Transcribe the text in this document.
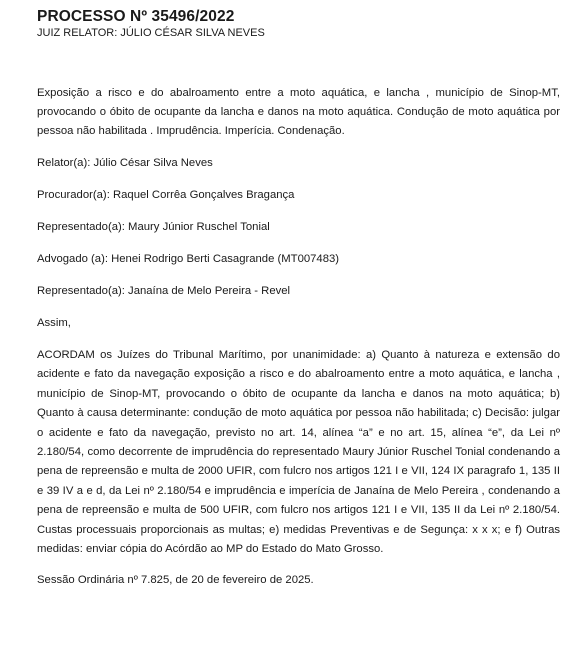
PROCESSO Nº 35496/2022

JUIZ RELATOR: JÚLIO CÉSAR SILVA NEVES

Exposição a risco e do abalroamento entre a moto aquática, e lancha , município de Sinop-MT, provocando o óbito de ocupante da lancha e danos na moto aquática. Condução de moto aquática por pessoa não habilitada . Imprudência. Imperícia. Condenação.

Relator(a): Júlio César Silva Neves

Procurador(a): Raquel Corrêa Gonçalves Bragança

Representado(a): Maury Júnior Ruschel Tonial

Advogado (a): Henei Rodrigo Berti Casagrande (MT007483)

Representado(a): Janaína de Melo Pereira - Revel

Assim,

ACORDAM os Juízes do Tribunal Marítimo, por unanimidade: a) Quanto à natureza e extensão do acidente e fato da navegação exposição a risco e do abalroamento entre a moto aquática, e lancha , município de Sinop-MT, provocando o óbito de ocupante da lancha e danos na moto aquática; b) Quanto à causa determinante: condução de moto aquática por pessoa não habilitada; c) Decisão: julgar o acidente e fato da navegação, previsto no art. 14, alínea “a” e no art. 15, alínea “e”, da Lei nº 2.180/54, como decorrente de imprudência do representado Maury Júnior Ruschel Tonial condenando a pena de repreensão e multa de 2000 UFIR, com fulcro nos artigos 121 I e VII, 124 IX paragrafo 1, 135 II e 39 IV a e d, da Lei nº 2.180/54 e imprudência e imperícia de Janaína de Melo Pereira , condenando a pena de repreensão e multa de 500 UFIR, com fulcro nos artigos 121 I e VII, 135 II da Lei nº 2.180/54. Custas processuais proporcionais as multas; e) medidas Preventivas e de Segunça: x x x; e f) Outras medidas: enviar cópia do Acórdão ao MP do Estado do Mato Grosso.

Sessão Ordinária nº 7.825, de 20 de fevereiro de 2025.
